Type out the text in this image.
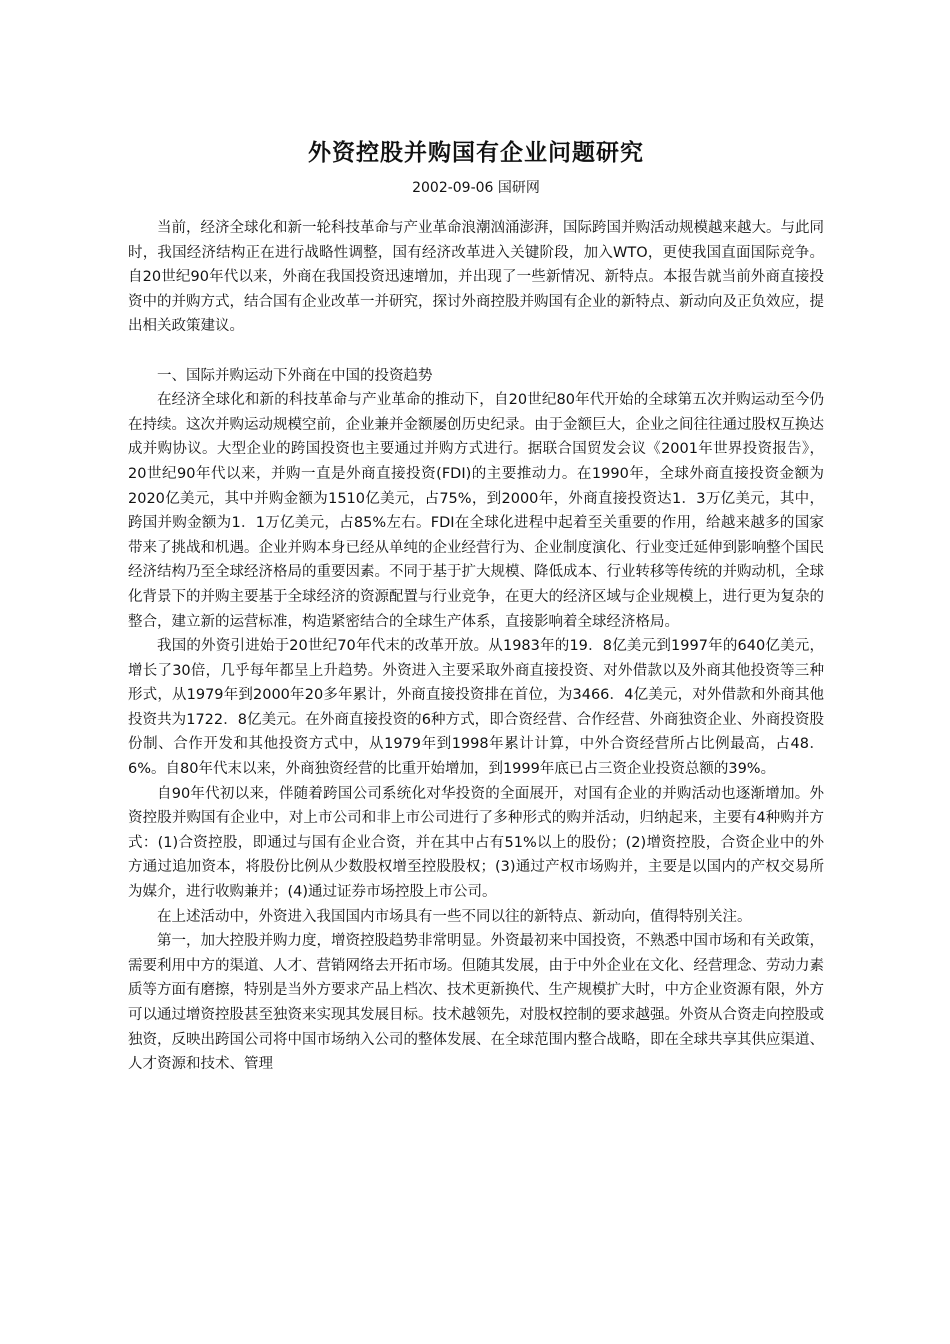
外资控股并购国有企业问题研究
2002-09-06 国研网

当前，经济全球化和新一轮科技革命与产业革命浪潮汹涌澎湃，国际跨国并购活动规模越来越大。与此同时，我国经济结构正在进行战略性调整，国有经济改革进入关键阶段，加入WTO，更使我国直面国际竞争。自20世纪90年代以来，外商在我国投资迅速增加，并出现了一些新情况、新特点。本报告就当前外商直接投资中的并购方式，结合国有企业改革一并研究，探讨外商控股并购国有企业的新特点、新动向及正负效应，提出相关政策建议。

一、国际并购运动下外商在中国的投资趋势

在经济全球化和新的科技革命与产业革命的推动下，自20世纪80年代开始的全球第五次并购运动至今仍在持续。这次并购运动规模空前，企业兼并金额屡创历史纪录。由于金额巨大，企业之间往往通过股权互换达成并购协议。大型企业的跨国投资也主要通过并购方式进行。据联合国贸发会议《2001年世界投资报告》，20世纪90年代以来，并购一直是外商直接投资(FDI)的主要推动力。在1990年，全球外商直接投资金额为2020亿美元，其中并购金额为1510亿美元，占75%，到2000年，外商直接投资达1．3万亿美元，其中，跨国并购金额为1．1万亿美元，占85%左右。FDI在全球化进程中起着至关重要的作用，给越来越多的国家带来了挑战和机遇。企业并购本身已经从单纯的企业经营行为、企业制度演化、行业变迁延伸到影响整个国民经济结构乃至全球经济格局的重要因素。不同于基于扩大规模、降低成本、行业转移等传统的并购动机，全球化背景下的并购主要基于全球经济的资源配置与行业竞争，在更大的经济区域与企业规模上，进行更为复杂的整合，建立新的运营标准，构造紧密结合的全球生产体系，直接影响着全球经济格局。

我国的外资引进始于20世纪70年代末的改革开放。从1983年的19．8亿美元到1997年的640亿美元，增长了30倍，几乎每年都呈上升趋势。外资进入主要采取外商直接投资、对外借款以及外商其他投资等三种形式，从1979年到2000年20多年累计，外商直接投资排在首位，为3466．4亿美元，对外借款和外商其他投资共为1722．8亿美元。在外商直接投资的6种方式，即合资经营、合作经营、外商独资企业、外商投资股份制、合作开发和其他投资方式中，从1979年到1998年累计计算，中外合资经营所占比例最高，占48．6%。自80年代末以来，外商独资经营的比重开始增加，到1999年底已占三资企业投资总额的39%。

自90年代初以来，伴随着跨国公司系统化对华投资的全面展开，对国有企业的并购活动也逐渐增加。外资控股并购国有企业中，对上市公司和非上市公司进行了多种形式的购并活动，归纳起来，主要有4种购并方式：(1)合资控股，即通过与国有企业合资，并在其中占有51%以上的股份；(2)增资控股，合资企业中的外方通过追加资本，将股份比例从少数股权增至控股股权；(3)通过产权市场购并，主要是以国内的产权交易所为媒介，进行收购兼并；(4)通过证券市场控股上市公司。

在上述活动中，外资进入我国国内市场具有一些不同以往的新特点、新动向，值得特别关注。

第一，加大控股并购力度，增资控股趋势非常明显。外资最初来中国投资，不熟悉中国市场和有关政策，需要利用中方的渠道、人才、营销网络去开拓市场。但随其发展，由于中外企业在文化、经营理念、劳动力素质等方面有磨擦，特别是当外方要求产品上档次、技术更新换代、生产规模扩大时，中方企业资源有限，外方可以通过增资控股甚至独资来实现其发展目标。技术越领先，对股权控制的要求越强。外资从合资走向控股或独资，反映出跨国公司将中国市场纳入公司的整体发展、在全球范围内整合战略，即在全球共享其供应渠道、人才资源和技术、管理
